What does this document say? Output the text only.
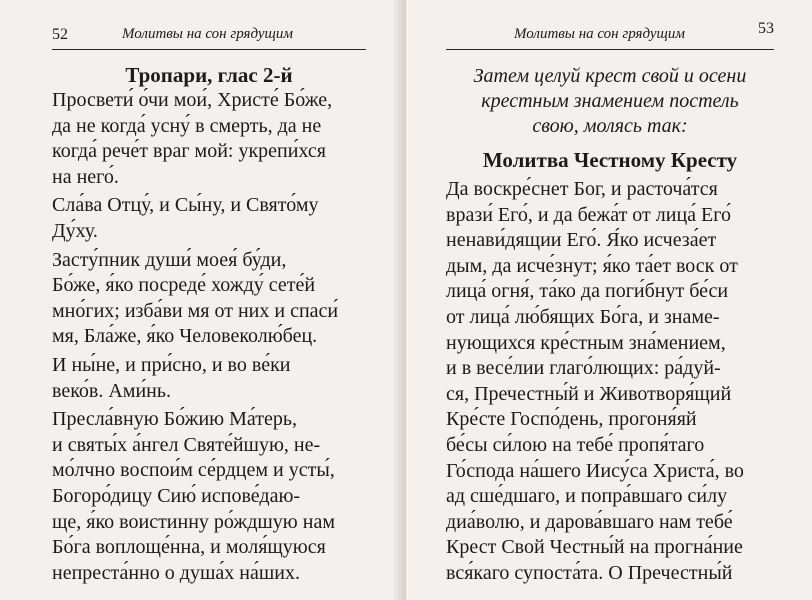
52	Молитвы на сон грядущим
Тропари, глас 2-й

Просвети́ о́чи мои́, Христе́ Бо́же,
да не когда́ усну́ в смерть, да не
когда́ рече́т враг мой: укрепи́хся
на него́.

Сла́ва Отцу́, и Сы́ну, и Свято́му
Ду́ху.

Засту́пник души́ моея́ бу́ди,
Бо́же, я́ко посреде́ хожду́ сете́й
мно́гих; изба́ви мя от них и спаси́
мя, Бла́же, я́ко Человеколю́бец.

И ны́не, и при́сно, и во ве́ки
веко́в. Ами́нь.

Пресла́вную Бо́жию Ма́терь,
и святы́х а́нгел Святе́йшую, не-
мо́лчно воспои́м се́рдцем и усты́,
Богоро́дицу Сию́ испове́даю-
ще, я́ко воистинну ро́ждшую нам
Бо́га воплоще́нна, и моля́щуюся
непреста́нно о душа́х на́ших.

Молитвы на сон грядущим	53
Затем целуй крест свой и осени
крестным знамением постель
свою, молясь так:
Молитва Честному Кресту

Да воскре́снет Бог, и расточа́тся
врази́ Его́, и да бежа́т от лица́ Его́
ненави́дящии Его́. Я́ко исчеза́ет
дым, да исче́знут; я́ко та́ет воск от
лица́ огня́, та́ко да поги́бнут бе́си
от лица́ лю́бящих Бо́га, и знаме-
нующихся кре́стным зна́мением,
и в весе́лии глаго́лющих: ра́дуй-
ся, Пречестны́й и Животворя́щий
Кре́сте Госпо́день, прогоня́яй
бе́сы си́лою на тебе́ пропя́таго
Го́спода на́шего Иису́са Христа́, во
ад сше́дшаго, и попра́вшаго си́лу
диа́волю, и дарова́вшаго нам тебе́
Крест Свой Честны́й на прогна́ние
вся́каго супоста́та. О Пречестны́й
